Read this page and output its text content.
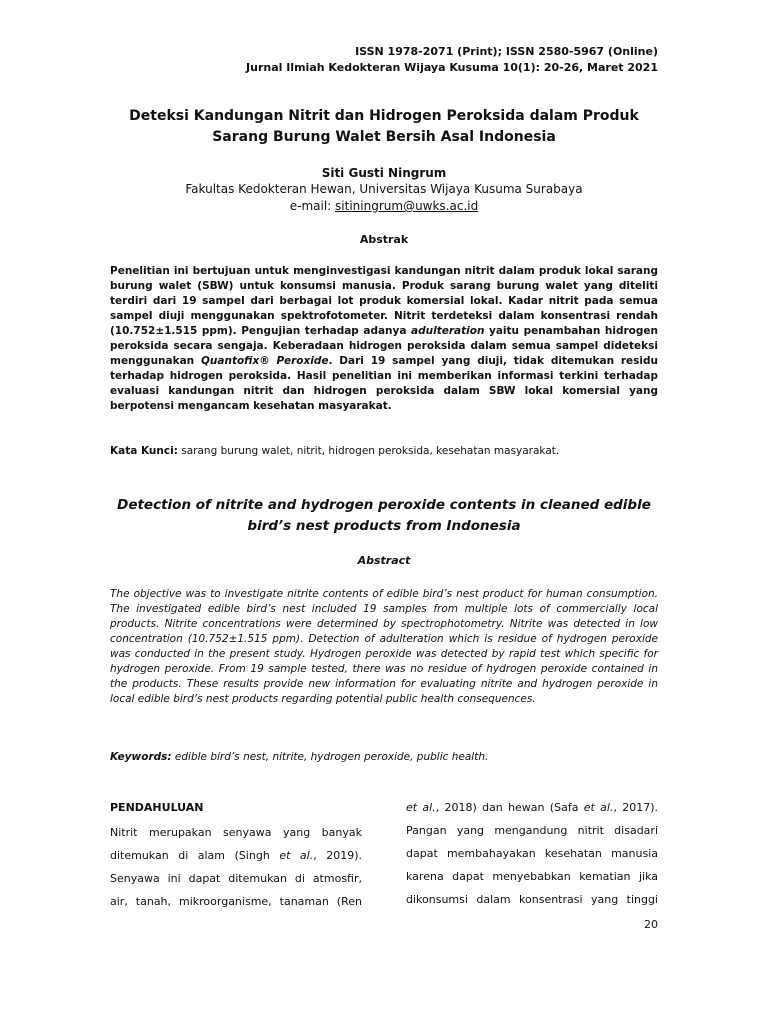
ISSN 1978-2071 (Print); ISSN 2580-5967 (Online)
Jurnal Ilmiah Kedokteran Wijaya Kusuma 10(1): 20-26, Maret 2021
Deteksi Kandungan Nitrit dan Hidrogen Peroksida dalam Produk Sarang Burung Walet Bersih Asal Indonesia
Siti Gusti Ningrum
Fakultas Kedokteran Hewan, Universitas Wijaya Kusuma Surabaya
e-mail: sitiningrum@uwks.ac.id
Abstrak
Penelitian ini bertujuan untuk menginvestigasi kandungan nitrit dalam produk lokal sarang burung walet (SBW) untuk konsumsi manusia. Produk sarang burung walet yang diteliti terdiri dari 19 sampel dari berbagai lot produk komersial lokal. Kadar nitrit pada semua sampel diuji menggunakan spektrofotometer. Nitrit terdeteksi dalam konsentrasi rendah (10.752±1.515 ppm). Pengujian terhadap adanya adulteration yaitu penambahan hidrogen peroksida secara sengaja. Keberadaan hidrogen peroksida dalam semua sampel dideteksi menggunakan Quantofix® Peroxide. Dari 19 sampel yang diuji, tidak ditemukan residu terhadap hidrogen peroksida. Hasil penelitian ini memberikan informasi terkini terhadap evaluasi kandungan nitrit dan hidrogen peroksida dalam SBW lokal komersial yang berpotensi mengancam kesehatan masyarakat.
Kata Kunci: sarang burung walet, nitrit, hidrogen peroksida, kesehatan masyarakat.
Detection of nitrite and hydrogen peroxide contents in cleaned edible bird’s nest products from Indonesia
Abstract
The objective was to investigate nitrite contents of edible bird’s nest product for human consumption. The investigated edible bird’s nest included 19 samples from multiple lots of commercially local products. Nitrite concentrations were determined by spectrophotometry. Nitrite was detected in low concentration (10.752±1.515 ppm). Detection of adulteration which is residue of hydrogen peroxide was conducted in the present study. Hydrogen peroxide was detected by rapid test which specific for hydrogen peroxide. From 19 sample tested, there was no residue of hydrogen peroxide contained in the products. These results provide new information for evaluating nitrite and hydrogen peroxide in local edible bird’s nest products regarding potential public health consequences.
Keywords: edible bird’s nest, nitrite, hydrogen peroxide, public health.
PENDAHULUAN
Nitrit merupakan senyawa yang banyak
ditemukan di alam (Singh et al., 2019).
Senyawa ini dapat ditemukan di atmosfir,
air, tanah, mikroorganisme, tanaman (Ren
et al., 2018) dan hewan (Safa et al., 2017).
Pangan yang mengandung nitrit disadari
dapat membahayakan kesehatan manusia
karena dapat menyebabkan kematian jika
dikonsumsi dalam konsentrasi yang tinggi
20
